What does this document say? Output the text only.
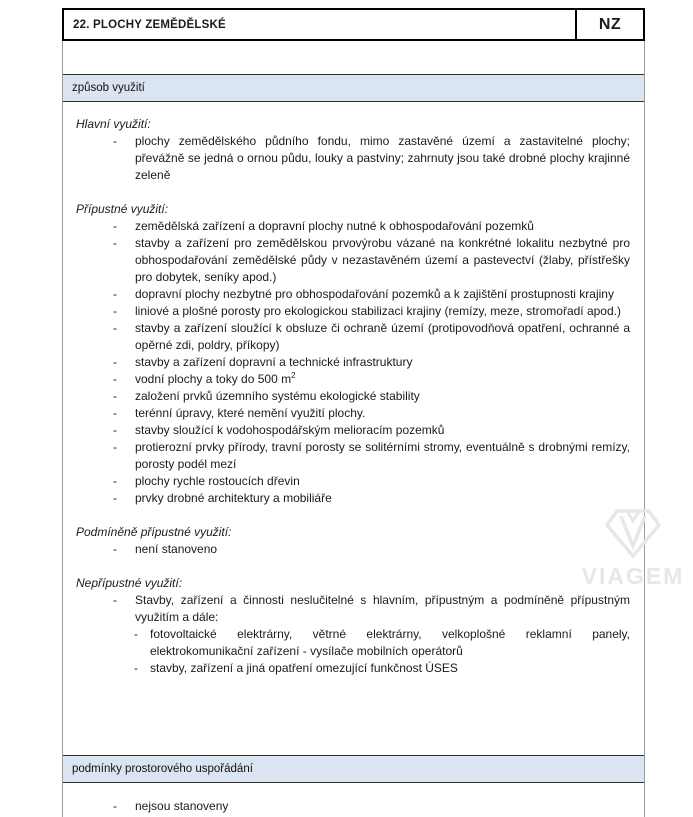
22. PLOCHY ZEMĚDĚLSKÉ	NZ
způsob využití
Hlavní využití:
-	plochy zemědělského půdního fondu, mimo zastavěné území a zastavitelné plochy; převážně se jedná o ornou půdu, louky a pastviny; zahrnuty jsou také drobné plochy krajinné zeleně
Přípustné využití:
-	zemědělská zařízení a dopravní plochy nutné k obhospodařování pozemků
-	stavby a zařízení pro zemědělskou prvovýrobu vázané na konkrétné lokalitu nezbytné pro obhospodařování zemědělské půdy v nezastavěném území a pastevectví (žlaby, přístřešky pro dobytek, seníky apod.)
-	dopravní plochy nezbytné pro obhospodařování pozemků a k zajištění prostupnosti krajiny
-	liniové a plošné porosty pro ekologickou stabilizaci krajiny (remízy, meze, stromořadí apod.)
-	stavby a zařízení sloužící k obsluze či ochraně území (protipovodňová opatření, ochranné a opěrné zdi, poldry, příkopy)
-	stavby a zařízení dopravní a technické infrastruktury
-	vodní plochy a toky do 500 $m^2$
-	založení prvků územního systému ekologické stability
-	terénní úpravy, které nemění využití plochy.
-	stavby sloužící k vodohospodářským melioracím pozemků
-	protierozní prvky přírody, travní porosty se solitérními stromy, eventuálně s drobnými remízy, porosty podél mezí
-	plochy rychle rostoucích dřevin
-	prvky drobné architektury a mobiliáře
Podmíněně přípustné využití:
-	není stanoveno
Nepřípustné využití:
-	Stavby, zařízení a činnosti neslučitelné s hlavním, přípustným a podmíněně přípustným využitím a dále:
-	fotovoltaické elektrárny, větrné elektrárny, velkoplošné reklamní panely, elektrokomunikační zařízení - vysílače mobilních operátorů
-	stavby, zařízení a jiná opatření omezující funkčnost ÚSES
podmínky prostorového uspořádání
-	nejsou stanoveny
VIAGEM
